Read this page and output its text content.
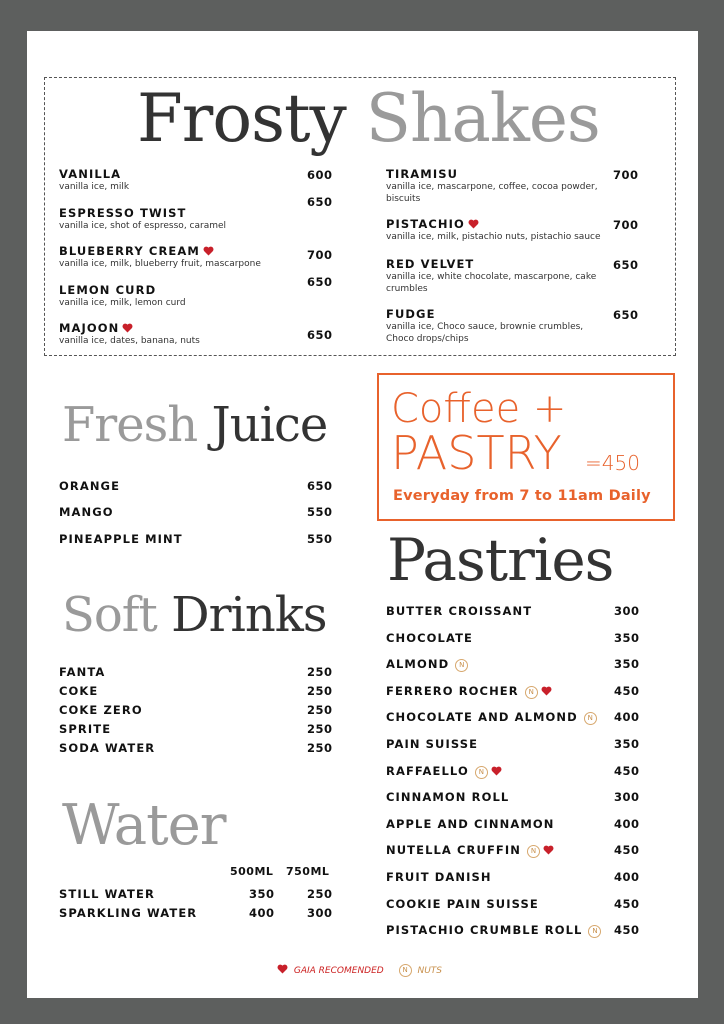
Frosty Shakes
VANILLA
vanilla ice, milk
600
ESPRESSO TWIST
vanilla ice, shot of espresso, caramel
650
BLUEBERRY CREAM
vanilla ice, milk, blueberry fruit, mascarpone
700
LEMON CURD
vanilla ice, milk, lemon curd
650
MAJOON
vanilla ice, dates, banana, nuts	650
TIRAMISU
vanilla ice, mascarpone, coffee, cocoa powder, biscuits
700
PISTACHIO
vanilla ice, milk, pistachio nuts, pistachio sauce
700
RED VELVET
vanilla ice, white chocolate, mascarpone, cake crumbles
650
FUDGE
vanilla ice, Choco sauce, brownie crumbles, Choco drops/chips
650
Fresh Juice
ORANGE	650
MANGO	550
PINEAPPLE MINT	550
Soft Drinks
FANTA	250
COKE	250
COKE ZERO	250
SPRITE	250
SODA WATER	250
Water
500ML 750ML
STILL WATER	350	250
SPARKLING WATER	400	300
Coffee +
PASTRY =450
Everyday from 7 to 11am Daily
Pastries
BUTTER CROISSANT	300
CHOCOLATE	350
ALMOND N	350
FERRERO ROCHER N	450
CHOCOLATE AND ALMOND N	400
PAIN SUISSE	350
RAFFAELLO N	450
CINNAMON ROLL	300
APPLE AND CINNAMON	400
NUTELLA CRUFFIN N	450
FRUIT DANISH	400
COOKIE PAIN SUISSE	450
PISTACHIO CRUMBLE ROLL N	450
GAIA RECOMENDED	N NUTS
